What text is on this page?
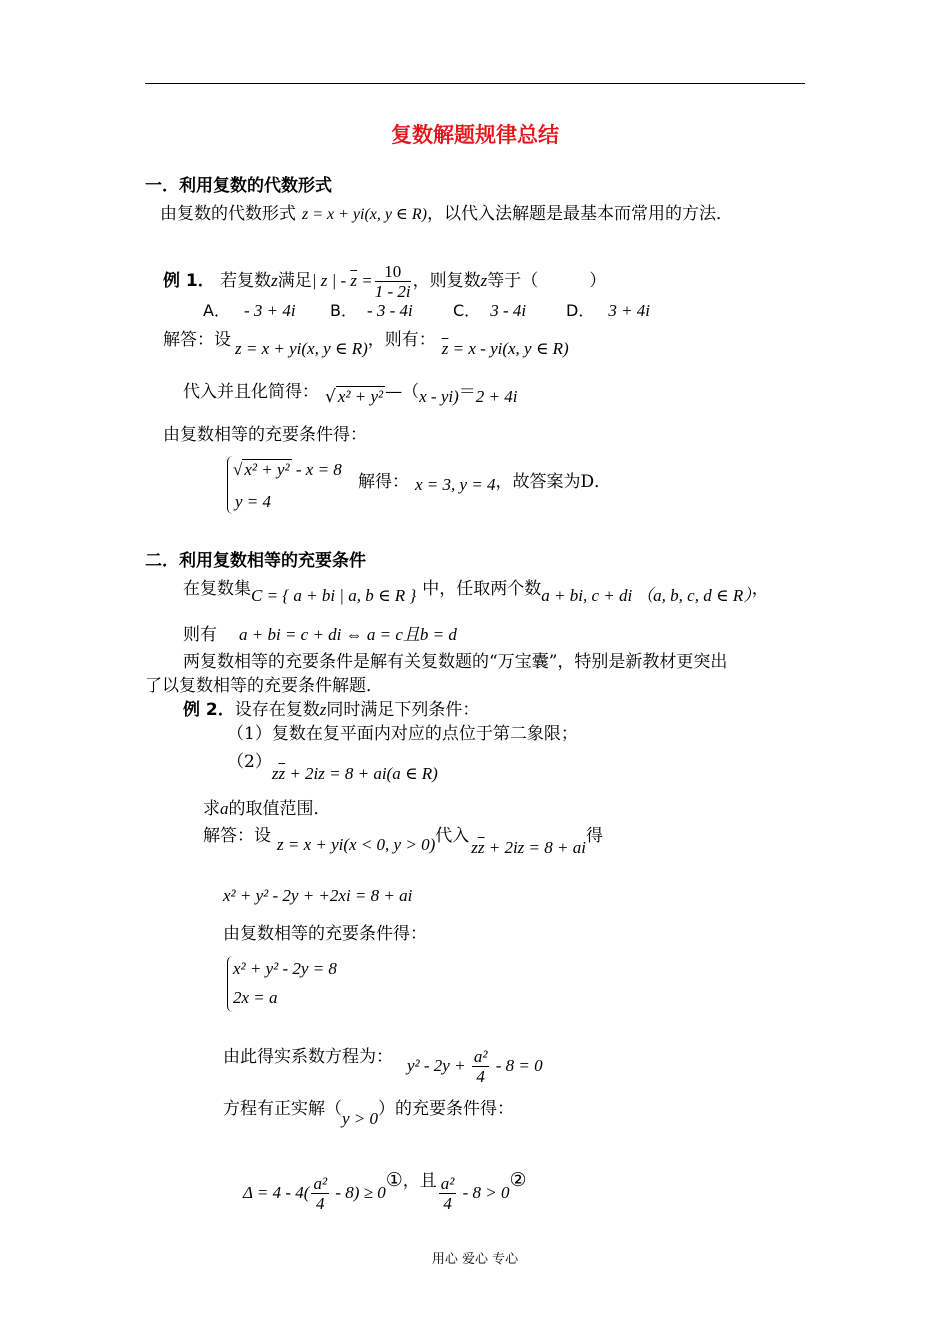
复数解题规律总结
一．利用复数的代数形式
由复数的代数形式 z = x + yi(x, y ∈ R)，以代入法解题是最基本而常用的方法．
例 1． 若复数z满足| z | - $\overline{z} = \frac{10}{1 - 2i}$ ，则复数z等于（　　　）
A． - 3 + 4i B． - 3 - 4i	C． 3 - 4i D． 3 + 4i
解答：设 z = x + yi(x, y ∈ R)，则有： $\overline{z} = x - yi(x$, y ∈ R)
代入并且化简得： √ x² + y² —（x - yi)＝2 + 4i
由复数相等的充要条件得：
√ x² + y² - x = 8
y = 4
解得： x = 3, y = 4，故答案为D．
二．利用复数相等的充要条件
在复数集C = { a + bi | a, b ∈ R } 中，任取两个数a + bi, c + di （a, b, c, d ∈ R），
则有 a + bi = c + di ⇔ a = c且b = d
两复数相等的充要条件是解有关复数题的“万宝囊”，特别是新教材更突出
了以复数相等的充要条件解题．
例 2．设存在复数z同时满足下列条件：
（1）复数在复平面内对应的点位于第二象限；
$(2)z\overline{z} + 2iz = 8 + ai(a$ ∈ R)
求a的取值范围．
解答：设 z = x + yi(x < 0, y > 0)代入$z\overline{z} + 2iz = 8$ + ai得
x² + y² - 2y + +2xi = 8 + ai
由复数相等的充要条件得：
x² + y² - 2y = 8
2x = a
由此得实系数方程为： $y^2 - 2y + \frac{\text{a²}}{4} - 8 = 0$
方程有正实解（y > 0）的充要条件得：
$\Delta = 4 - 4( \frac{\text{a²}}{4} - 8)$ ≥ 0①，且 $\frac{\text{a²}}{4} - 8$ > 0②
用心 爱心 专心
